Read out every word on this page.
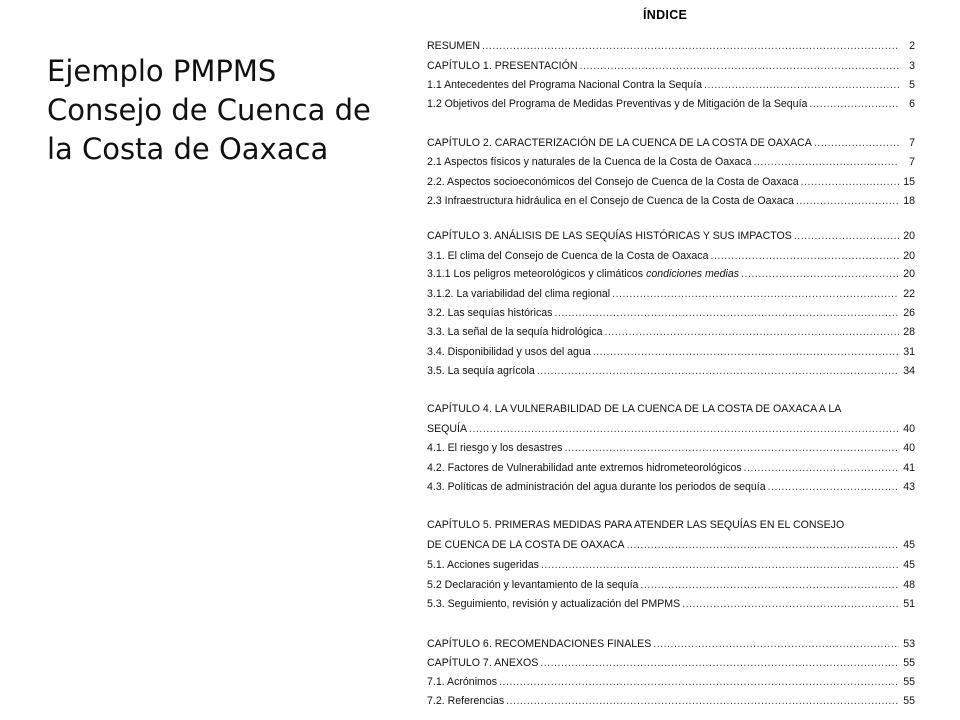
Ejemplo PMPMS
Consejo de Cuenca de
la Costa de Oaxaca
ÍNDICE
RESUMEN .....	2
CAPÍTULO 1. PRESENTACIÓN .....	3
1.1 Antecedentes del Programa Nacional Contra la Sequía .....	5
1.2 Objetivos del Programa de Medidas Preventivas y de Mitigación de la Sequía .....	6
CAPÍTULO 2. CARACTERIZACIÓN DE LA CUENCA DE LA COSTA DE OAXACA .....	7
2.1 Aspectos físicos y naturales de la Cuenca de la Costa de Oaxaca .....	7
2.2. Aspectos socioeconómicos del Consejo de Cuenca de la Costa de Oaxaca .....	15
2.3 Infraestructura hidráulica en el Consejo de Cuenca de la Costa de Oaxaca .....	18
CAPÍTULO 3. ANÁLISIS DE LAS SEQUÍAS HISTÓRICAS Y SUS IMPACTOS .....	20
3.1. El clima del Consejo de Cuenca de la Costa de Oaxaca .....	20
3.1.1 Los peligros meteorológicos y climáticos condiciones medias .....	20
3.1.2. La variabilidad del clima regional .....	22
3.2. Las sequías históricas .....	26
3.3. La señal de la sequía hidrológica .....	28
3.4. Disponibilidad y usos del agua .....	31
3.5. La sequía agrícola .....	34
CAPÍTULO 4. LA VULNERABILIDAD DE LA CUENCA DE LA COSTA DE OAXACA A LA
SEQUÍA .....	40
4.1. El riesgo y los desastres .....	40
4.2. Factores de Vulnerabilidad ante extremos hidrometeorológicos .....	41
4.3. Políticas de administración del agua durante los periodos de sequía .....	43
CAPÍTULO 5. PRIMERAS MEDIDAS PARA ATENDER LAS SEQUÍAS EN EL CONSEJO
DE CUENCA DE LA COSTA DE OAXACA .....	45
5.1. Acciones sugeridas .....	45
5.2 Declaración y levantamiento de la sequía .....	48
5.3. Seguimiento, revisión y actualización del PMPMS .....	51
CAPÍTULO 6. RECOMENDACIONES FINALES .....	53
CAPÍTULO 7. ANEXOS .....	55
7.1. Acrónimos .....	55
7.2. Referencias .....	55
